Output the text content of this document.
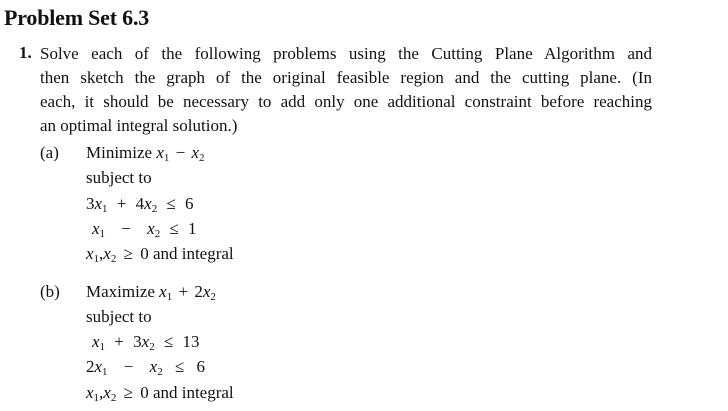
Problem Set 6.3
1. Solve each of the following problems using the Cutting Plane Algorithm and
then sketch the graph of the original feasible region and the cutting plane. (In
each, it should be necessary to add only one additional constraint before reaching
an optimal integral solution.)
(a) Minimize $x_1 - x_2$
subject to
$3x_1 + 4x_2 \le 6$
$x_1 - x_2 \le 1$
$x_1,x_2 \ge 0$ and integral
(b) Maximize $x_1 + 2x_2$
subject to
$x_1 + 3x_2 \le 13$
$2x_1 - x_2 \le 6$
$x_1,x_2 \ge 0$ and integral
